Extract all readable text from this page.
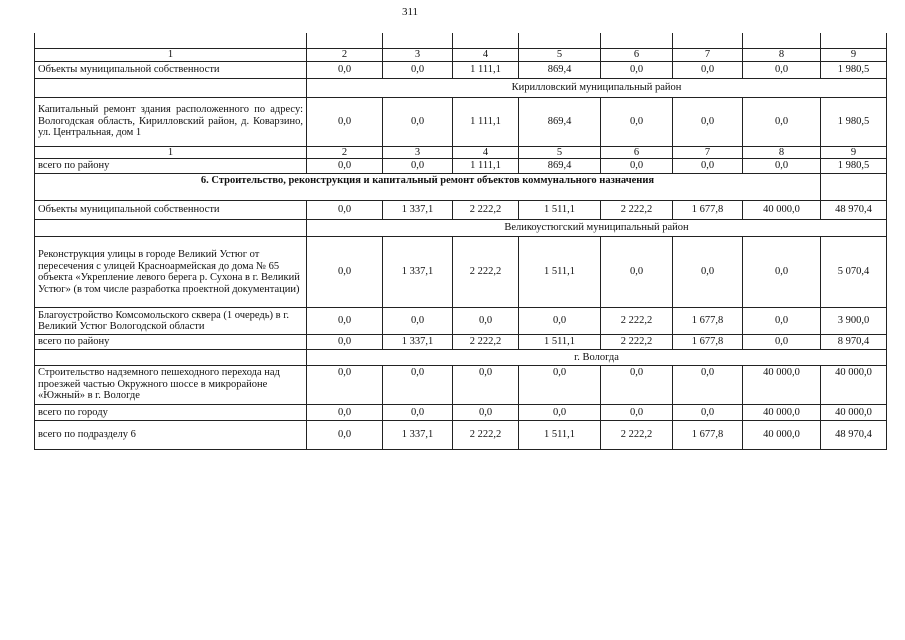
311

1	2	3	4	5	6	7	8	9
Объекты муниципальной собственности	0,0	0,0	1 111,1	869,4	0,0	0,0	0,0	1 980,5
	Кирилловский муниципальный район							
Капитальный ремонт здания расположенного по адресу: Вологодская область, Кирилловский район, д. Коварзино, ул. Центральная, дом 1	0,0	0,0	1 111,1	869,4	0,0	0,0	0,0	1 980,5
1	2	3	4	5	6	7	8	9
всего по району	0,0	0,0	1 111,1	869,4	0,0	0,0	0,0	1 980,5
6. Строительство, реконструкция и капитальный ремонт объектов коммунального назначения								
Объекты муниципальной собственности	0,0	1 337,1	2 222,2	1 511,1	2 222,2	1 677,8	40 000,0	48 970,4
	Великоустюгский муниципальный район							
Реконструкция улицы в городе Великий Устюг от пересечения с улицей Красноармейская до дома № 65 объекта «Укрепление левого берега р. Сухона в г. Великий Устюг» (в том числе разработка проектной документации)	0,0	1 337,1	2 222,2	1 511,1	0,0	0,0	0,0	5 070,4
Благоустройство Комсомольского сквера (1 очередь) в г. Великий Устюг Вологодской области	0,0	0,0	0,0	0,0	2 222,2	1 677,8	0,0	3 900,0
всего по району	0,0	1 337,1	2 222,2	1 511,1	2 222,2	1 677,8	0,0	8 970,4
	г. Вологда							
Строительство надземного пешеходного перехода над проезжей частью Окружного шоссе в микрорайоне «Южный» в г. Вологде	0,0	0,0	0,0	0,0	0,0	0,0	40 000,0	40 000,0
всего по городу	0,0	0,0	0,0	0,0	0,0	0,0	40 000,0	40 000,0
всего по подразделу 6	0,0	1 337,1	2 222,2	1 511,1	2 222,2	1 677,8	40 000,0	48 970,4
